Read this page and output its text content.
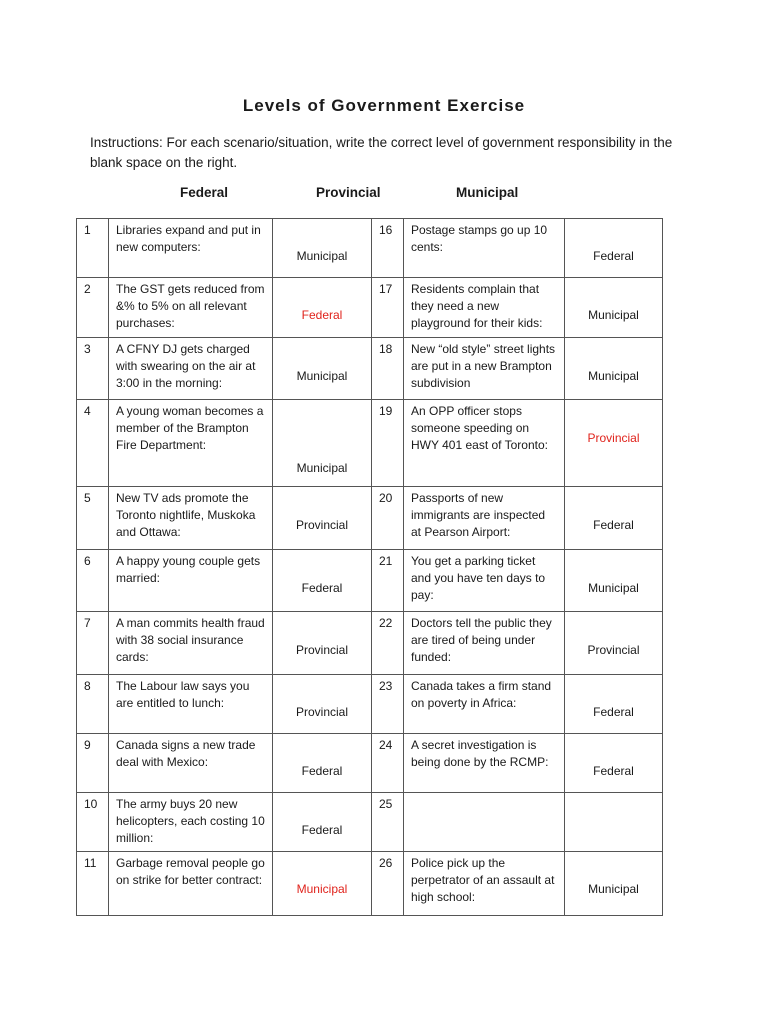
Levels of Government Exercise
Instructions: For each scenario/situation, write the correct level of government responsibility in the blank space on the right.
Federal	Provincial	Municipal
1	Libraries expand and put in new computers:	Municipal	16	Postage stamps go up 10 cents:	Federal

2	The GST gets reduced from &% to 5% on all relevant purchases:	Federal	17	Residents complain that they need a new playground for their kids:	Municipal

3	A CFNY DJ gets charged with swearing on the air at 3:00 in the morning:	Municipal	18	New “old style” street lights are put in a new Brampton subdivision	Municipal

4	A young woman becomes a member of the Brampton Fire Department:	Municipal	19	An OPP officer stops someone speeding on HWY 401 east of Toronto:	Provincial

5	New TV ads promote the Toronto nightlife, Muskoka and Ottawa:	Provincial	20	Passports of new immigrants are inspected at Pearson Airport:	Federal

6	A happy young couple gets married:	Federal	21	You get a parking ticket and you have ten days to pay:	Municipal

7	A man commits health fraud with 38 social insurance cards:	Provincial	22	Doctors tell the public they are tired of being under funded:	Provincial

8	The Labour law says you are entitled to lunch:	Provincial	23	Canada takes a firm stand on poverty in Africa:	Federal

9	Canada signs a new trade deal with Mexico:	Federal	24	A secret investigation is being done by the RCMP:	Federal

10	The army buys 20 new helicopters, each costing 10 million:	Federal	25		

11	Garbage removal people go on strike for better contract:	Municipal	26	Police pick up the perpetrator of an assault at high school:	Municipal
